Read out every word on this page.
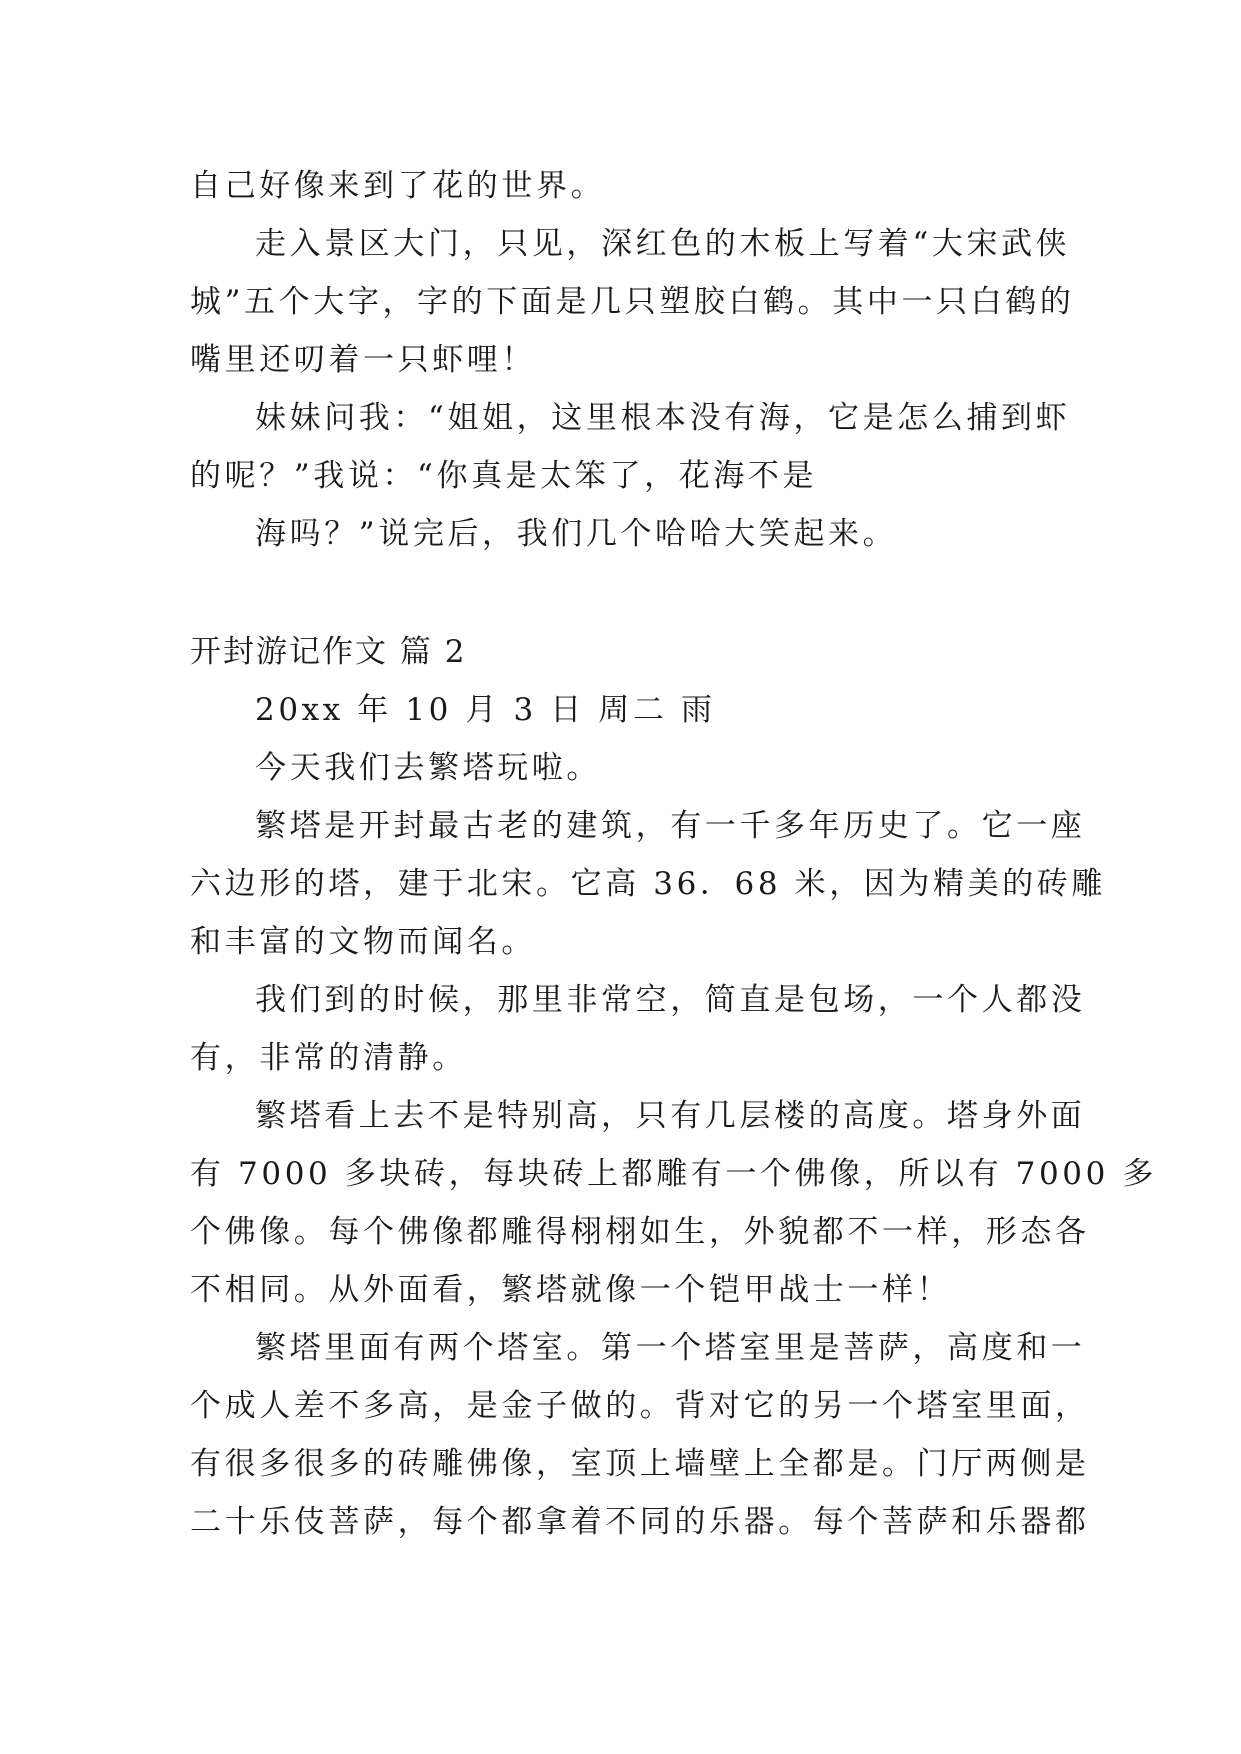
自己好像来到了花的世界。
走入景区大门，只见，深红色的木板上写着“大宋武侠
城”五个大字，字的下面是几只塑胶白鹤。其中一只白鹤的
嘴里还叨着一只虾哩！
妹妹问我：“姐姐，这里根本没有海，它是怎么捕到虾
的呢？”我说：“你真是太笨了，花海不是
海吗？”说完后，我们几个哈哈大笑起来。
开封游记作文 篇 2
20xx 年 10 月 3 日 周二 雨
今天我们去繁塔玩啦。
繁塔是开封最古老的建筑，有一千多年历史了。它一座
六边形的塔，建于北宋。它高 36．68 米，因为精美的砖雕
和丰富的文物而闻名。
我们到的时候，那里非常空，简直是包场，一个人都没
有，非常的清静。
繁塔看上去不是特别高，只有几层楼的高度。塔身外面
有 7000 多块砖，每块砖上都雕有一个佛像，所以有 7000 多
个佛像。每个佛像都雕得栩栩如生，外貌都不一样，形态各
不相同。从外面看，繁塔就像一个铠甲战士一样！
繁塔里面有两个塔室。第一个塔室里是菩萨，高度和一
个成人差不多高，是金子做的。背对它的另一个塔室里面，
有很多很多的砖雕佛像，室顶上墙壁上全都是。门厅两侧是
二十乐伎菩萨，每个都拿着不同的乐器。每个菩萨和乐器都
